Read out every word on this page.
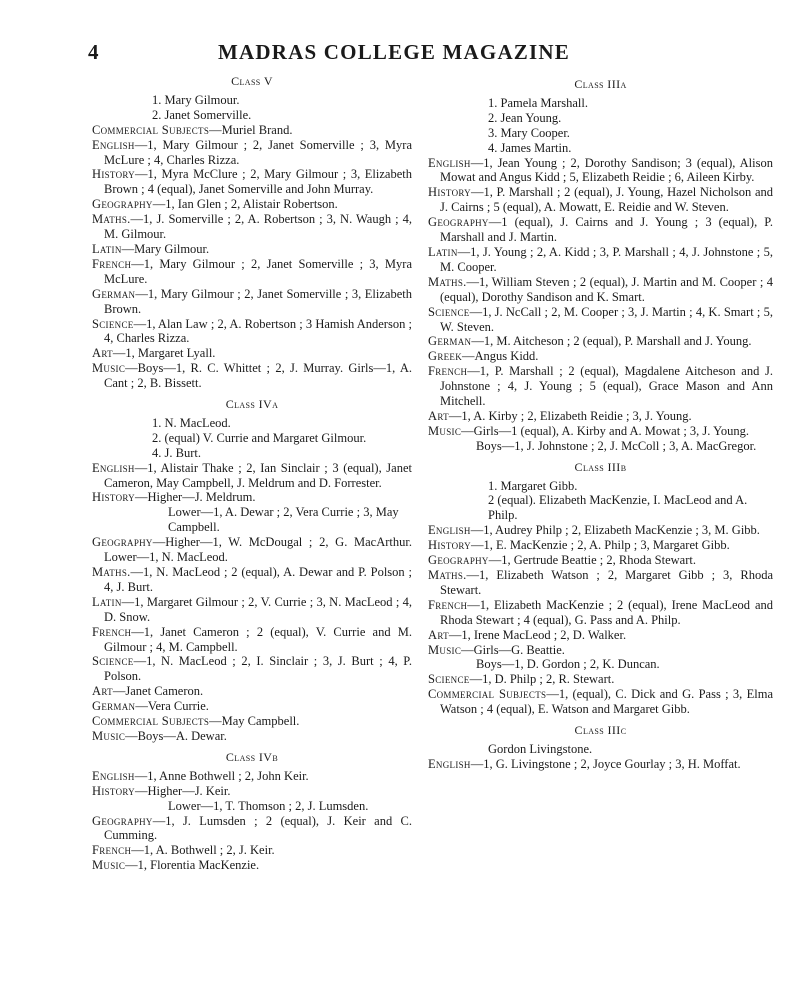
4	MADRAS COLLEGE MAGAZINE

Class V

1. Mary Gilmour.

2. Janet Somerville.

Commercial Subjects—Muriel Brand.

English—1, Mary Gilmour ; 2, Janet Somerville ; 3, Myra McLure ; 4, Charles Rizza.

History—1, Myra McClure ; 2, Mary Gilmour ; 3, Elizabeth Brown ; 4 (equal), Janet Somerville and John Murray.

Geography—1, Ian Glen ; 2, Alistair Robertson.

Maths.—1, J. Somerville ; 2, A. Robertson ; 3, N. Waugh ; 4, M. Gilmour.

Latin—Mary Gilmour.

French—1, Mary Gilmour ; 2, Janet Somerville ; 3, Myra McLure.

German—1, Mary Gilmour ; 2, Janet Somerville ; 3, Elizabeth Brown.

Science—1, Alan Law ; 2, A. Robertson ; 3 Hamish Anderson ; 4, Charles Rizza.

Art—1, Margaret Lyall.

Music—Boys—1, R. C. Whittet ; 2, J. Murray. Girls—1, A. Cant ; 2, B. Bissett.

Class IVa

1. N. MacLeod.

2. (equal) V. Currie and Margaret Gilmour.

4. J. Burt.

English—1, Alistair Thake ; 2, Ian Sinclair ; 3 (equal), Janet Cameron, May Campbell, J. Meldrum and D. Forrester.

History—Higher—J. Meldrum.

Lower—1, A. Dewar ; 2, Vera Currie ; 3, May Campbell.

Geography—Higher—1, W. McDougal ; 2, G. MacArthur. Lower—1, N. MacLeod.

Maths.—1, N. MacLeod ; 2 (equal), A. Dewar and P. Polson ; 4, J. Burt.

Latin—1, Margaret Gilmour ; 2, V. Currie ; 3, N. MacLeod ; 4, D. Snow.

French—1, Janet Cameron ; 2 (equal), V. Currie and M. Gilmour ; 4, M. Campbell.

Science—1, N. MacLeod ; 2, I. Sinclair ; 3, J. Burt ; 4, P. Polson.

Art—Janet Cameron.

German—Vera Currie.

Commercial Subjects—May Campbell.

Music—Boys—A. Dewar.

Class IVb

English—1, Anne Bothwell ; 2, John Keir.

History—Higher—J. Keir.

Lower—1, T. Thomson ; 2, J. Lumsden.

Geography—1, J. Lumsden ; 2 (equal), J. Keir and C. Cumming.

French—1, A. Bothwell ; 2, J. Keir.

Music—1, Florentia MacKenzie.

Class IIIa

1. Pamela Marshall.

2. Jean Young.

3. Mary Cooper.

4. James Martin.

English—1, Jean Young ; 2, Dorothy Sandison; 3 (equal), Alison Mowat and Angus Kidd ; 5, Elizabeth Reidie ; 6, Aileen Kirby.

History—1, P. Marshall ; 2 (equal), J. Young, Hazel Nicholson and J. Cairns ; 5 (equal), A. Mowatt, E. Reidie and W. Steven.

Geography—1 (equal), J. Cairns and J. Young ; 3 (equal), P. Marshall and J. Martin.

Latin—1, J. Young ; 2, A. Kidd ; 3, P. Marshall ; 4, J. Johnstone ; 5, M. Cooper.

Maths.—1, William Steven ; 2 (equal), J. Martin and M. Cooper ; 4 (equal), Dorothy Sandison and K. Smart.

Science—1, J. NcCall ; 2, M. Cooper ; 3, J. Martin ; 4, K. Smart ; 5, W. Steven.

German—1, M. Aitcheson ; 2 (equal), P. Marshall and J. Young.

Greek—Angus Kidd.

French—1, P. Marshall ; 2 (equal), Magdalene Aitcheson and J. Johnstone ; 4, J. Young ; 5 (equal), Grace Mason and Ann Mitchell.

Art—1, A. Kirby ; 2, Elizabeth Reidie ; 3, J. Young.

Music—Girls—1 (equal), A. Kirby and A. Mowat ; 3, J. Young.

Boys—1, J. Johnstone ; 2, J. McColl ; 3, A. MacGregor.

Class IIIb

1. Margaret Gibb.

2 (equal). Elizabeth MacKenzie, I. MacLeod and A. Philp.

English—1, Audrey Philp ; 2, Elizabeth MacKenzie ; 3, M. Gibb.

History—1, E. MacKenzie ; 2, A. Philp ; 3, Margaret Gibb.

Geography—1, Gertrude Beattie ; 2, Rhoda Stewart.

Maths.—1, Elizabeth Watson ; 2, Margaret Gibb ; 3, Rhoda Stewart.

French—1, Elizabeth MacKenzie ; 2 (equal), Irene MacLeod and Rhoda Stewart ; 4 (equal), G. Pass and A. Philp.

Art—1, Irene MacLeod ; 2, D. Walker.

Music—Girls—G. Beattie.

Boys—1, D. Gordon ; 2, K. Duncan.

Science—1, D. Philp ; 2, R. Stewart.

Commercial Subjects—1, (equal), C. Dick and G. Pass ; 3, Elma Watson ; 4 (equal), E. Watson and Margaret Gibb.

Class IIIc

Gordon Livingstone.

English—1, G. Livingstone ; 2, Joyce Gourlay ; 3, H. Moffat.
